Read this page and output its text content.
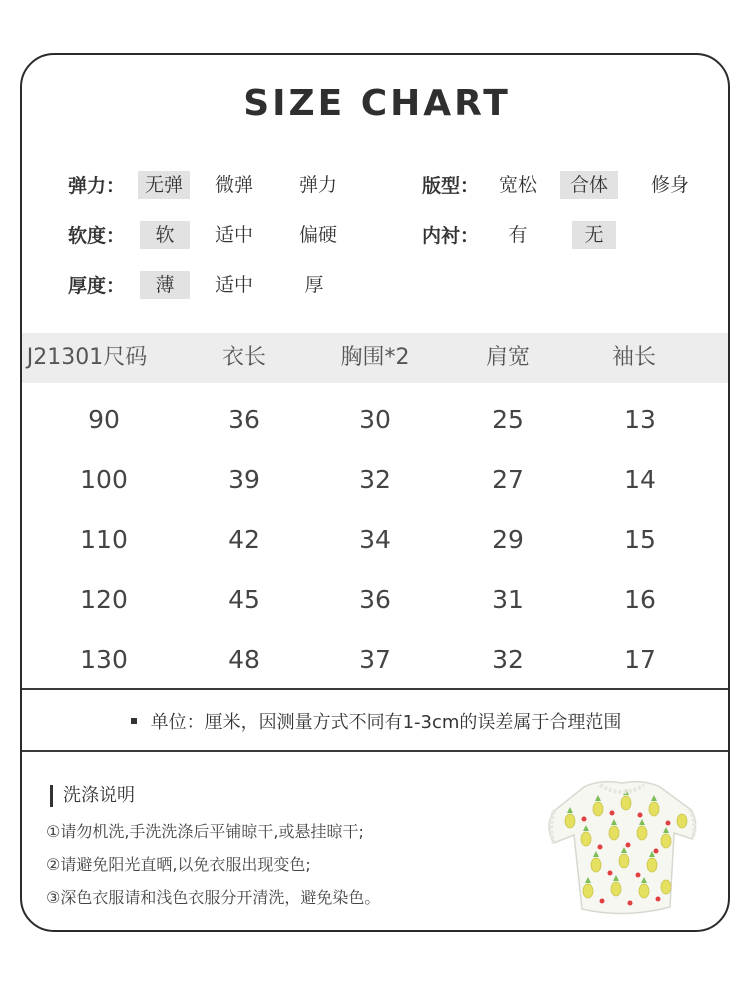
SIZE CHART
弹力：	无弹	微弹	弹力	版型：	宽松	合体	修身
软度：	软	适中	偏硬	内衬：	有	无
厚度：	薄	适中	厚
J21301尺码	衣长	胸围*2	肩宽	袖长
90	36	30	25	13
100	39	32	27	14
110	42	34	29	15
120	45	36	31	16
130	48	37	32	17
单位：厘米，因测量方式不同有1-3cm的误差属于合理范围
洗涤说明
①请勿机洗,手洗洗涤后平铺晾干,或悬挂晾干;
②请避免阳光直晒,以免衣服出现变色;
③深色衣服请和浅色衣服分开清洗，避免染色。
